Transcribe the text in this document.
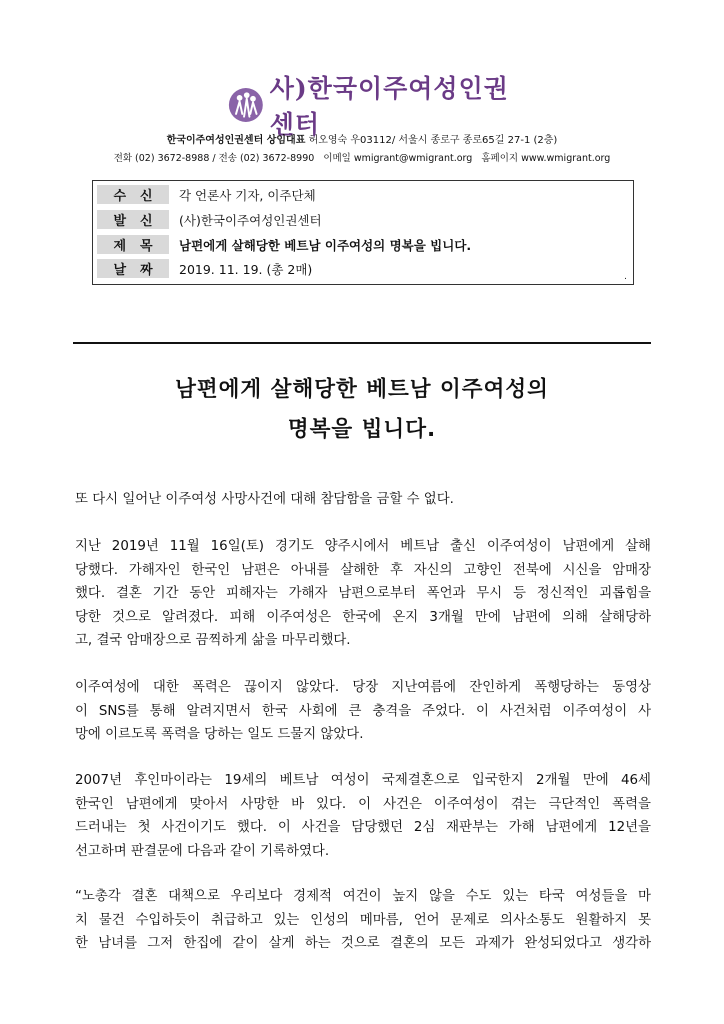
사)한국이주여성인권센터
한국이주여성인권센터 상임대표 허오영숙 우03112/ 서울시 종로구 종로65길 27-1 (2층)
전화 (02) 3672-8988 / 전송 (02) 3672-8990 이메일 wmigrant@wmigrant.org 홈페이지 www.wmigrant.org
수신 각 언론사 기자, 이주단체
발신 (사)한국이주여성인권센터
제목 남편에게 살해당한 베트남 이주여성의 명복을 빕니다.
날짜 2019. 11. 19. (총 2매)
.
남편에게 살해당한 베트남 이주여성의
명복을 빕니다.
또 다시 일어난 이주여성 사망사건에 대해 참담함을 금할 수 없다.
지난 2019년 11월 16일(토) 경기도 양주시에서 베트남 출신 이주여성이 남편에게 살해
당했다. 가해자인 한국인 남편은 아내를 살해한 후 자신의 고향인 전북에 시신을 암매장
했다. 결혼 기간 동안 피해자는 가해자 남편으로부터 폭언과 무시 등 정신적인 괴롭힘을
당한 것으로 알려졌다. 피해 이주여성은 한국에 온지 3개월 만에 남편에 의해 살해당하
고, 결국 암매장으로 끔찍하게 삶을 마무리했다.
이주여성에 대한 폭력은 끊이지 않았다. 당장 지난여름에 잔인하게 폭행당하는 동영상
이 SNS를 통해 알려지면서 한국 사회에 큰 충격을 주었다. 이 사건처럼 이주여성이 사
망에 이르도록 폭력을 당하는 일도 드물지 않았다.
2007년 후인마이라는 19세의 베트남 여성이 국제결혼으로 입국한지 2개월 만에 46세
한국인 남편에게 맞아서 사망한 바 있다. 이 사건은 이주여성이 겪는 극단적인 폭력을
드러내는 첫 사건이기도 했다. 이 사건을 담당했던 2심 재판부는 가해 남편에게 12년을
선고하며 판결문에 다음과 같이 기록하였다.
“노총각 결혼 대책으로 우리보다 경제적 여건이 높지 않을 수도 있는 타국 여성들을 마
치 물건 수입하듯이 취급하고 있는 인성의 메마름, 언어 문제로 의사소통도 원활하지 못
한 남녀를 그저 한집에 같이 살게 하는 것으로 결혼의 모든 과제가 완성되었다고 생각하
